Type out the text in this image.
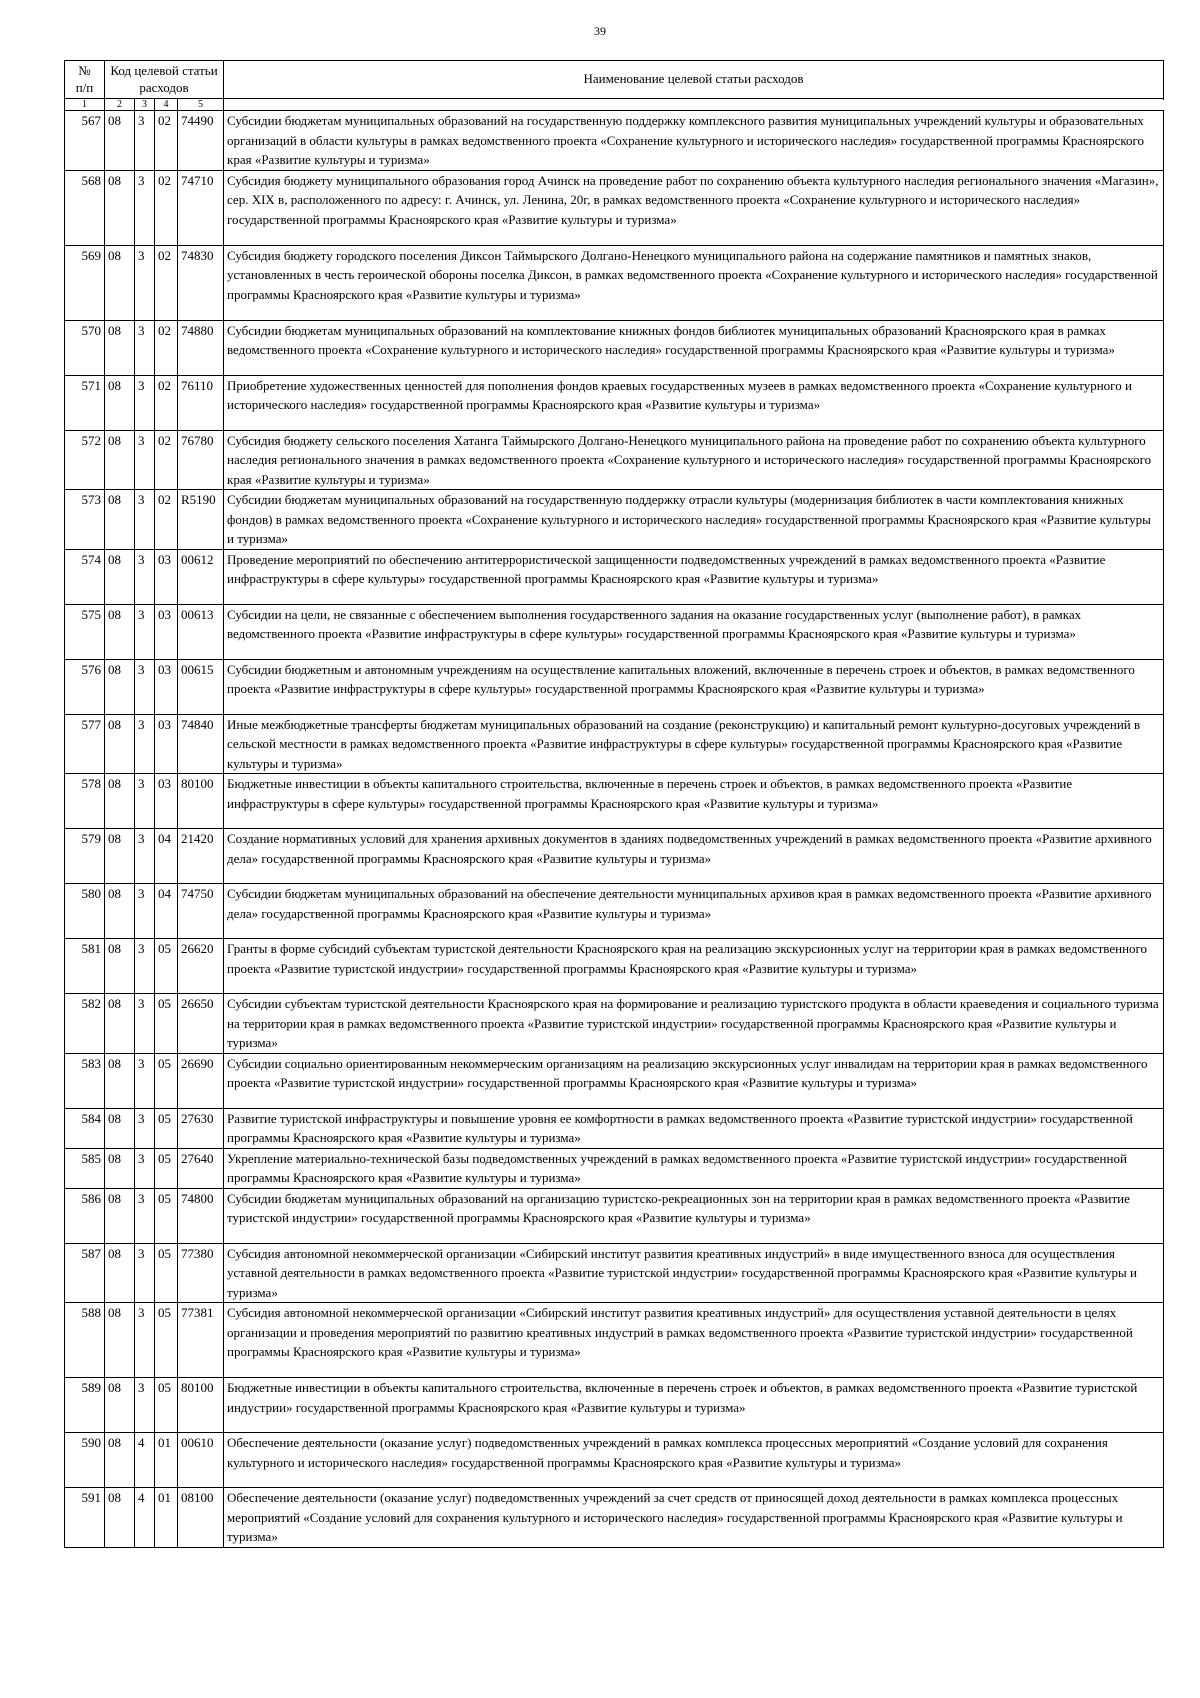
39
№
п/п	Код целевой статьи расходов				Наименование целевой статьи расходов

1	2	3	4	5	
567	08	3	02	74490	Субсидии бюджетам муниципальных образований на государственную поддержку комплексного развития муниципальных учреждений культуры и образовательных организаций в области культуры в рамках ведомственного проекта «Сохранение культурного и исторического наследия» государственной программы Красноярского края «Развитие культуры и туризма»
568	08	3	02	74710	Субсидия бюджету муниципального образования город Ачинск на проведение работ по сохранению объекта культурного наследия регионального значения «Магазин», сер. XIX в, расположенного по адресу: г. Ачинск, ул. Ленина, 20г, в рамках ведомственного проекта «Сохранение культурного и исторического наследия» государственной программы Красноярского края «Развитие культуры и туризма»
569	08	3	02	74830	Субсидия бюджету городского поселения Диксон Таймырского Долгано-Ненецкого муниципального района на содержание памятников и памятных знаков, установленных в честь героической обороны поселка Диксон, в рамках ведомственного проекта «Сохранение культурного и исторического наследия» государственной программы Красноярского края «Развитие культуры и туризма»
570	08	3	02	74880	Субсидии бюджетам муниципальных образований на комплектование книжных фондов библиотек муниципальных образований Красноярского края в рамках ведомственного проекта «Сохранение культурного и исторического наследия» государственной программы Красноярского края «Развитие культуры и туризма»
571	08	3	02	76110	Приобретение художественных ценностей для пополнения фондов краевых государственных музеев в рамках ведомственного проекта «Сохранение культурного и исторического наследия» государственной программы Красноярского края «Развитие культуры и туризма»
572	08	3	02	76780	Субсидия бюджету сельского поселения Хатанга Таймырского Долгано-Ненецкого муниципального района на проведение работ по сохранению объекта культурного наследия регионального значения в рамках ведомственного проекта «Сохранение культурного и исторического наследия» государственной программы Красноярского края «Развитие культуры и туризма»
573	08	3	02	R5190	Субсидии бюджетам муниципальных образований на государственную поддержку отрасли культуры (модернизация библиотек в части комплектования книжных фондов) в рамках ведомственного проекта «Сохранение культурного и исторического наследия» государственной программы Красноярского края «Развитие культуры и туризма»
574	08	3	03	00612	Проведение мероприятий по обеспечению антитеррористической защищенности подведомственных учреждений в рамках ведомственного проекта «Развитие инфраструктуры в сфере культуры» государственной программы Красноярского края «Развитие культуры и туризма»
575	08	3	03	00613	Субсидии на цели, не связанные с обеспечением выполнения государственного задания на оказание государственных услуг (выполнение работ), в рамках ведомственного проекта «Развитие инфраструктуры в сфере культуры» государственной программы Красноярского края «Развитие культуры и туризма»
576	08	3	03	00615	Субсидии бюджетным и автономным учреждениям на осуществление капитальных вложений, включенные в перечень строек и объектов, в рамках ведомственного проекта «Развитие инфраструктуры в сфере культуры» государственной программы Красноярского края «Развитие культуры и туризма»
577	08	3	03	74840	Иные межбюджетные трансферты бюджетам муниципальных образований на создание (реконструкцию) и капитальный ремонт культурно-досуговых учреждений в сельской местности в рамках ведомственного проекта «Развитие инфраструктуры в сфере культуры» государственной программы Красноярского края «Развитие культуры и туризма»
578	08	3	03	80100	Бюджетные инвестиции в объекты капитального строительства, включенные в перечень строек и объектов, в рамках ведомственного проекта «Развитие инфраструктуры в сфере культуры» государственной программы Красноярского края «Развитие культуры и туризма»
579	08	3	04	21420	Создание нормативных условий для хранения архивных документов в зданиях подведомственных учреждений в рамках ведомственного проекта «Развитие архивного дела» государственной программы Красноярского края «Развитие культуры и туризма»
580	08	3	04	74750	Субсидии бюджетам муниципальных образований на обеспечение деятельности муниципальных архивов края в рамках ведомственного проекта «Развитие архивного дела» государственной программы Красноярского края «Развитие культуры и туризма»
581	08	3	05	26620	Гранты в форме субсидий субъектам туристской деятельности Красноярского края на реализацию экскурсионных услуг на территории края в рамках ведомственного проекта «Развитие туристской индустрии» государственной программы Красноярского края «Развитие культуры и туризма»
582	08	3	05	26650	Субсидии субъектам туристской деятельности Красноярского края на формирование и реализацию туристского продукта в области краеведения и социального туризма на территории края в рамках ведомственного проекта «Развитие туристской индустрии» государственной программы Красноярского края «Развитие культуры и туризма»
583	08	3	05	26690	Субсидии социально ориентированным некоммерческим организациям на реализацию экскурсионных услуг инвалидам на территории края в рамках ведомственного проекта «Развитие туристской индустрии» государственной программы Красноярского края «Развитие культуры и туризма»
584	08	3	05	27630	Развитие туристской инфраструктуры и повышение уровня ее комфортности в рамках ведомственного проекта «Развитие туристской индустрии» государственной программы Красноярского края «Развитие культуры и туризма»
585	08	3	05	27640	Укрепление материально-технической базы подведомственных учреждений в рамках ведомственного проекта «Развитие туристской индустрии» государственной программы Красноярского края «Развитие культуры и туризма»
586	08	3	05	74800	Субсидии бюджетам муниципальных образований на организацию туристско-рекреационных зон на территории края в рамках ведомственного проекта «Развитие туристской индустрии» государственной программы Красноярского края «Развитие культуры и туризма»
587	08	3	05	77380	Субсидия автономной некоммерческой организации «Сибирский институт развития креативных индустрий» в виде имущественного взноса для осуществления уставной деятельности в рамках ведомственного проекта «Развитие туристской индустрии» государственной программы Красноярского края «Развитие культуры и туризма»
588	08	3	05	77381	Субсидия автономной некоммерческой организации «Сибирский институт развития креативных индустрий» для осуществления уставной деятельности в целях организации и проведения мероприятий по развитию креативных индустрий в рамках ведомственного проекта «Развитие туристской индустрии» государственной программы Красноярского края «Развитие культуры и туризма»
589	08	3	05	80100	Бюджетные инвестиции в объекты капитального строительства, включенные в перечень строек и объектов, в рамках ведомственного проекта «Развитие туристской индустрии» государственной программы Красноярского края «Развитие культуры и туризма»
590	08	4	01	00610	Обеспечение деятельности (оказание услуг) подведомственных учреждений в рамках комплекса процессных мероприятий «Создание условий для сохранения культурного и исторического наследия» государственной программы Красноярского края «Развитие культуры и туризма»
591	08	4	01	08100	Обеспечение деятельности (оказание услуг) подведомственных учреждений за счет средств от приносящей доход деятельности в рамках комплекса процессных мероприятий «Создание условий для сохранения культурного и исторического наследия» государственной программы Красноярского края «Развитие культуры и туризма»
